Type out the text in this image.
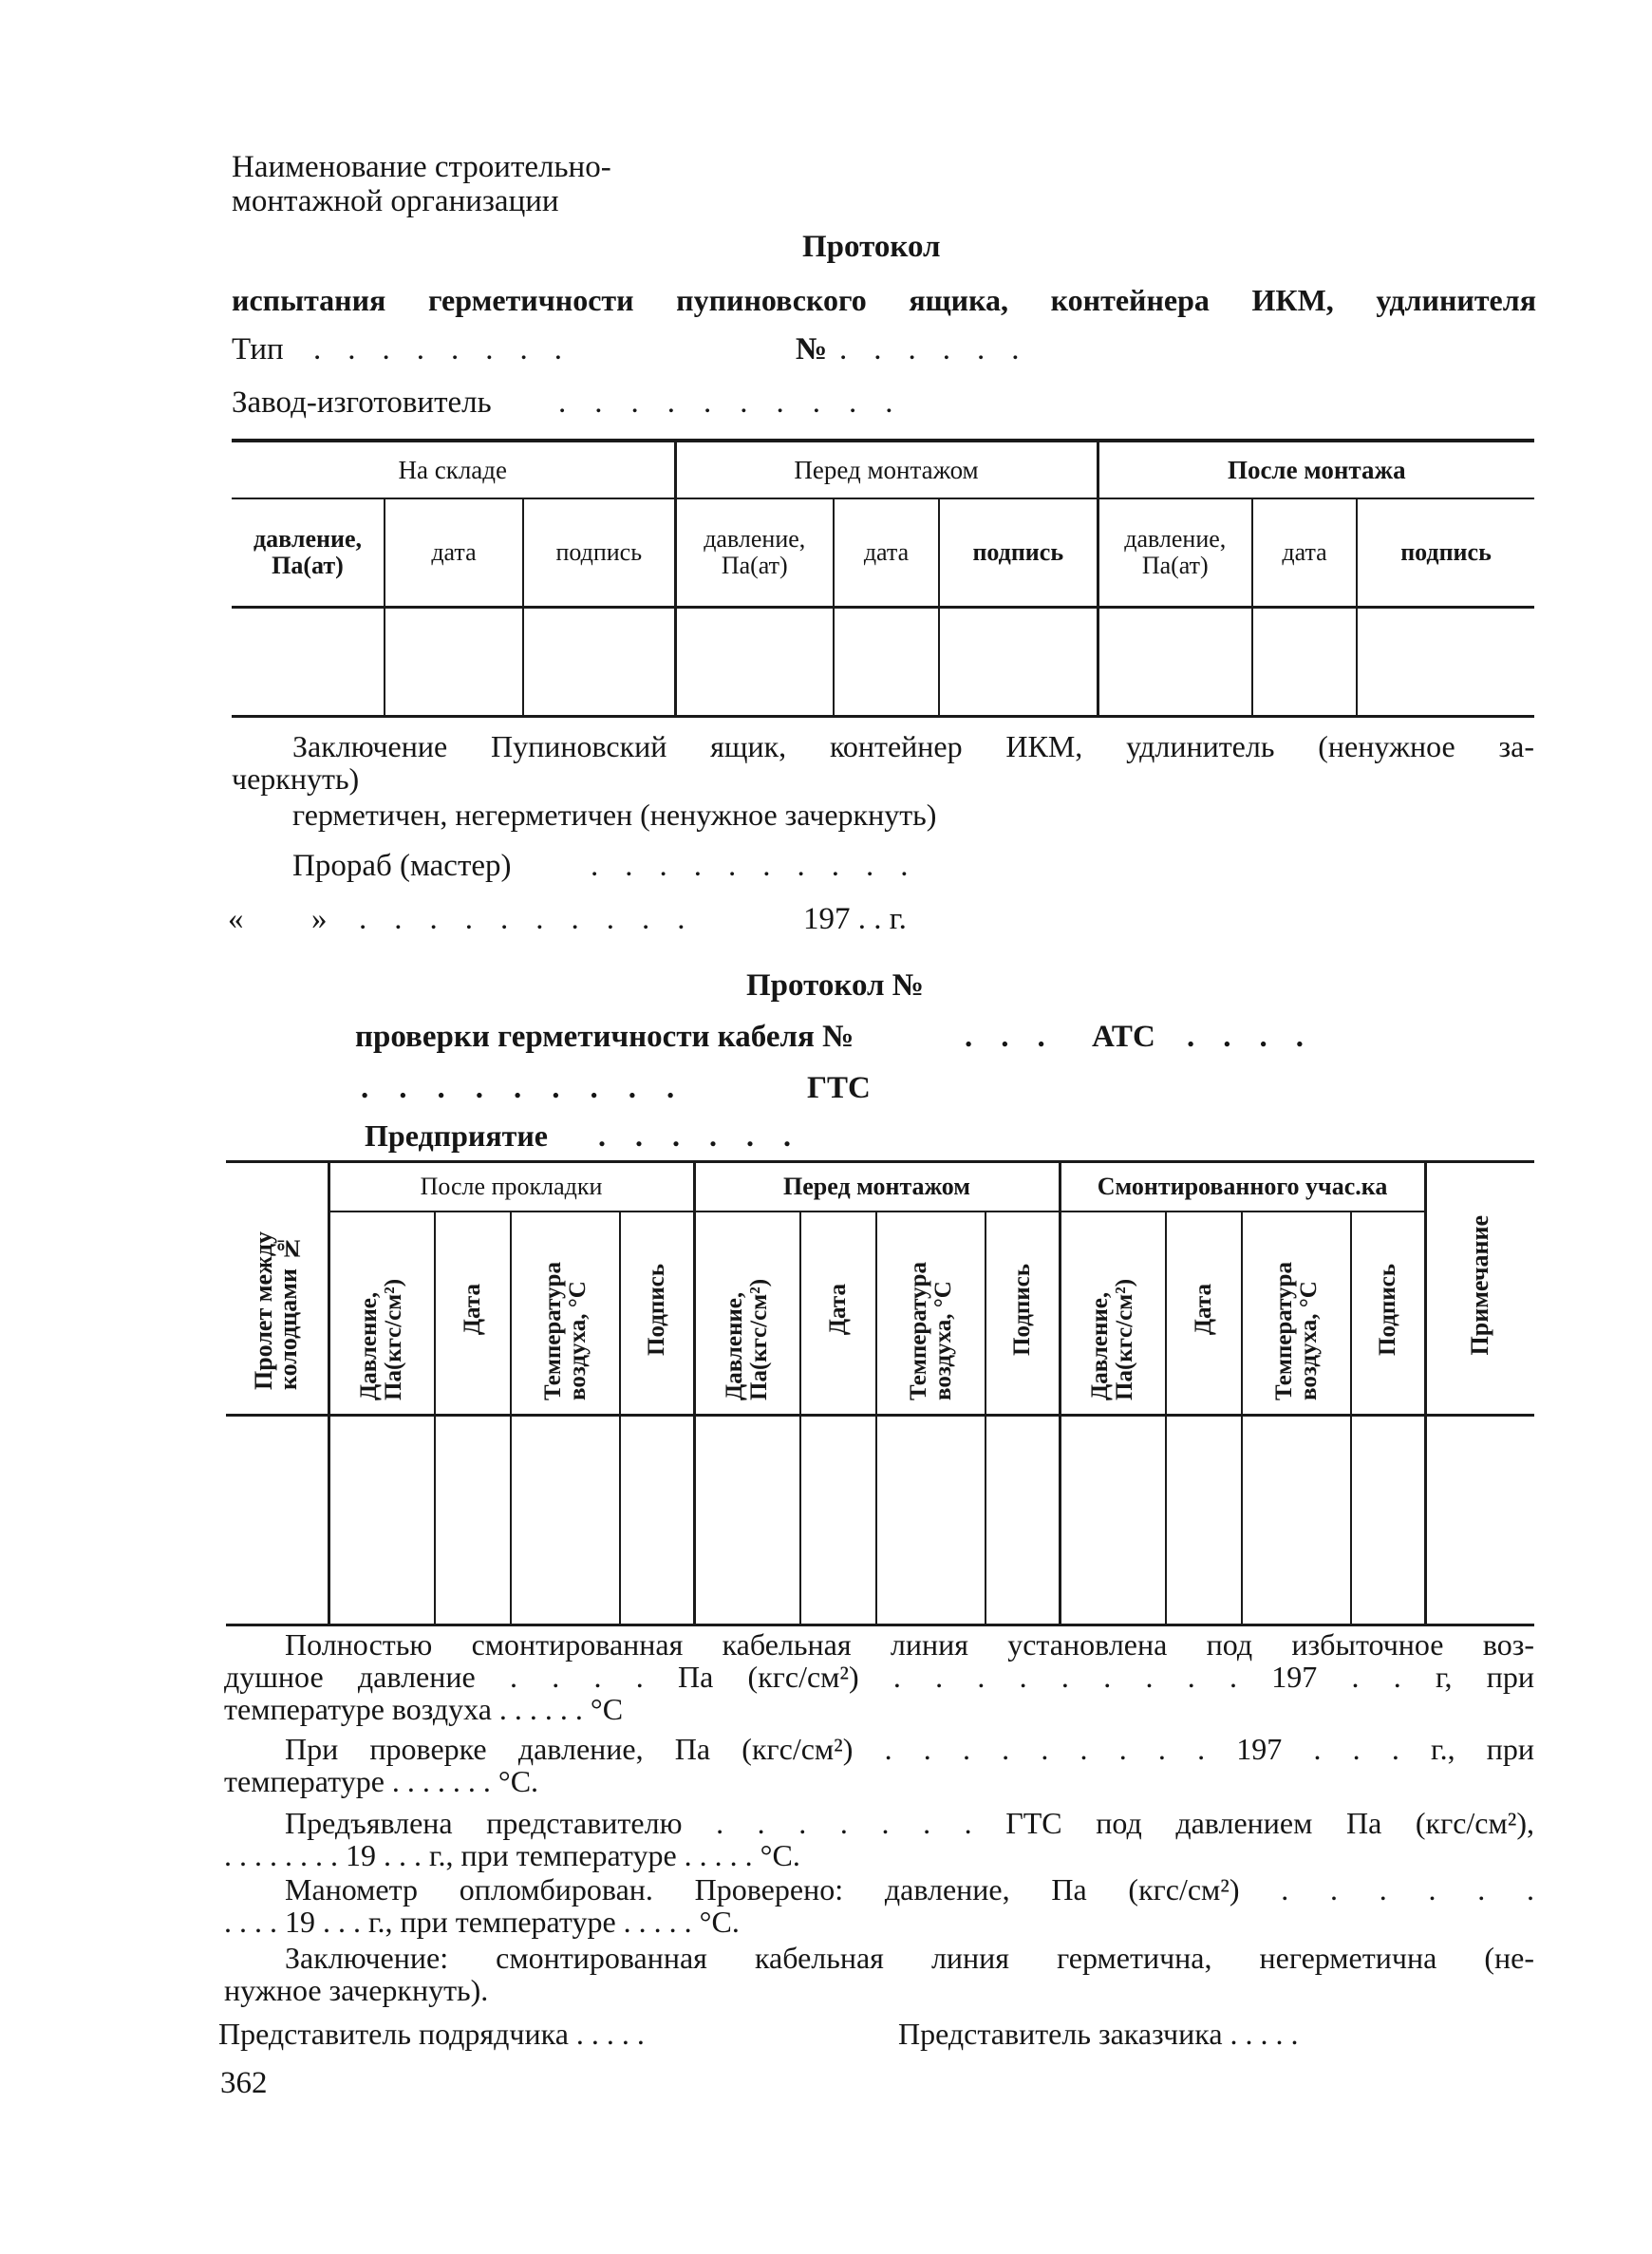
Наименование строительно-
монтажной организации
Протокол
испытания герметичности пупиновского ящика, контейнера ИКМ, удлинителя
Тип ........	№ ......
Завод-изготовитель ..........
На складе			Перед монтажом			После монтажа		
давление, Па(ат)	дата	подпись	давление, Па(ат)	дата	подпись	давление, Па(ат)	дата	подпись

Заключение Пупиновский ящик, контейнер ИКМ, удлинитель (ненужное за-
черкнуть)
герметичен, негерметичен (ненужное зачеркнуть)
Прораб (мастер)	..........
« » ..........	197 . . г.
Протокол №
проверки герметичности кабеля №	... АТС ....
.........	ГТС
Предприятие ......
Пролет между колодцами №	После прокладки				Перед монтажом				Смонтированного учас.ка				Примечание
	Давление, Па(кгс/см²)	Дата	Температура воздуха, °С	Подпись	Давление, Па(кгс/см²)	Дата	Температура воздуха, °С	Подпись	Давление, Па(кгс/см²)	Дата	Температура воздуха, °С	Подпись	

Полностью смонтированная кабельная линия установлена под избыточное воз-
душное давление . . . . Па (кгс/см²) . . . . . . . . . 197 . . г, при
температуре воздуха . . . . . . °С
При проверке давление, Па (кгс/см²) . . . . . . . . . 197 . . . г., при
температуре . . . . . . . °С.
Предъявлена представителю . . . . . . . ГТС под давлением Па (кгс/см²),
. . . . . . . . 19 . . . г., при температуре . . . . . °С.
Манометр опломбирован. Проверено: давление, Па (кгс/см²) . . . . . .
. . . . 19 . . . г., при температуре . . . . . °С.
Заключение: смонтированная кабельная линия герметична, негерметична (не-
нужное зачеркнуть).
Представитель подрядчика . . . . .	Представитель заказчика . . . . .
362
